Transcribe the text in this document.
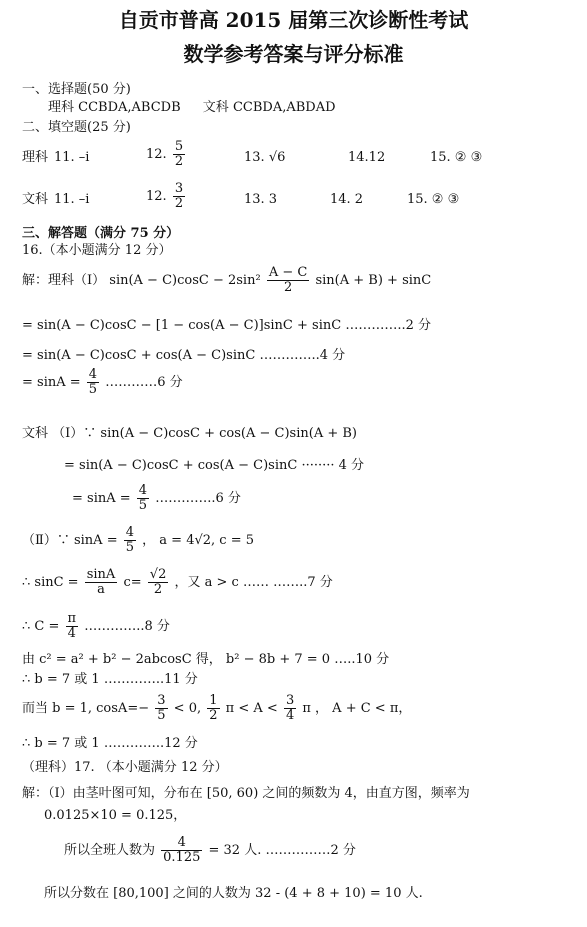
自贡市普高 2015 届第三次诊断性考试
数学参考答案与评分标准
一、选择题(50 分)
理科 CCBDA,ABCDB 文科 CCBDA,ABDAD
二、填空题(25 分)
理科 11. –i	12. $\frac{5}{2}$	13. √6	14.12	15. ② ③
文科 11. –i	12. $\frac{3}{2}$	13. 3	14. 2	15. ② ③
三、解答题（满分 75 分）
16.（本小题满分 12 分）
解：理科（Ⅰ） $\sin(A - C)\cos C - 2\sin^2 \frac{A - C}{2} \sin(A + B) + \sin C$
= sin(A − C)cosC − [1 − cos(A − C)]sinC + sinC …………..2 分
= sin(A − C)cosC + cos(A − C)sinC …………..4 分
= $\sin A = \frac{4}{5}$ …………6 分
文科 （Ⅰ）∵ sin(A − C)cosC + cos(A − C)sin(A + B)
= sin(A − C)cosC + cos(A − C)sinC ········ 4 分
= $\sin A = \frac{4}{5}$ …………..6 分
（Ⅱ）∵ $\sin A = \frac{4}{5}$ ， a = 4√2, c = 5
∴ $\sin C = \frac{\sin A}{a} c= \frac{√2}{2}$ ，又 a > c …… ……..7 分
∴ $C = \frac{\pi}{4}$ …………..8 分
由 c² = a² + b² − 2abcosC 得， b² − 8b + 7 = 0 …..10 分
∴ b = 7 或 1 …………..11 分
而当 b = 1, $\cos A=- \frac{3}{5} < 0$, $\frac{1}{2}$ $\pi < A < \frac{3}{4}$ π ， A + C < π，
∴ b = 7 或 1 …………..12 分
（理科）17. （本小题满分 12 分）
解：（Ⅰ）由茎叶图可知，分布在 [50, 60) 之间的频数为 4，由直方图，频率为
0.0125×10 = 0.125，
所以全班人数为 $\frac{4}{0.125} = 32$ 人. ……………2 分
所以分数在 [80,100] 之间的人数为 32 - (4 + 8 + 10) = 10 人.
